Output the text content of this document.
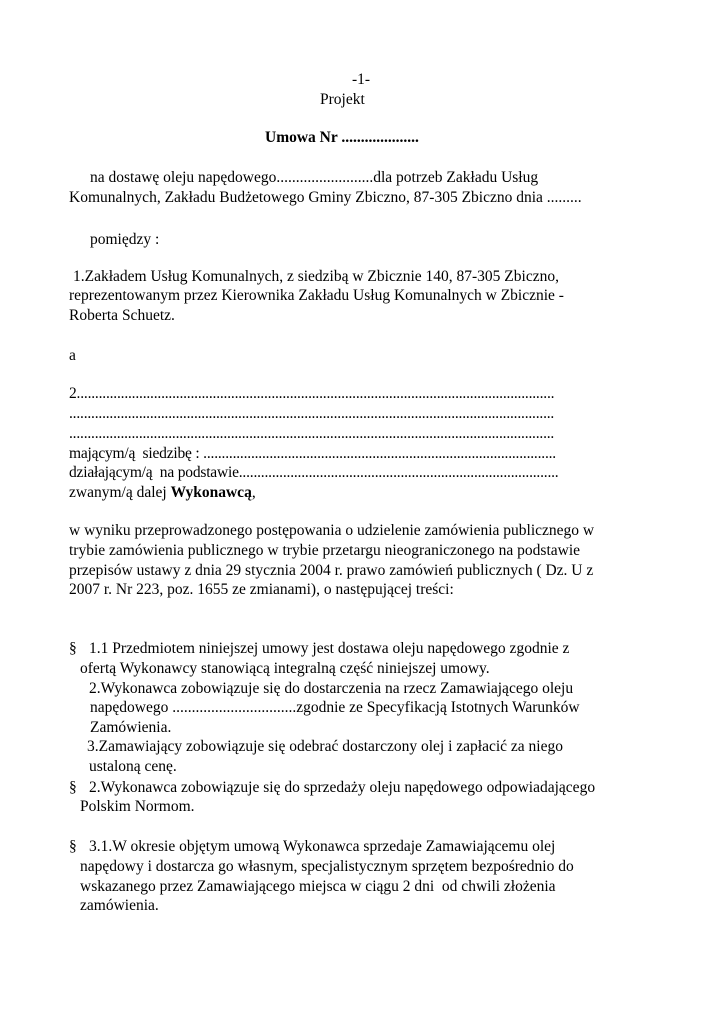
-1-
Projekt
Umowa Nr ....................
na dostawę oleju napędowego.........................dla potrzeb Zakładu Usług
Komunalnych, Zakładu Budżetowego Gminy Zbiczno, 87-305 Zbiczno dnia .........
pomiędzy :
1.Zakładem Usług Komunalnych, z siedzibą w Zbicznie 140, 87-305 Zbiczno,
reprezentowanym przez Kierownika Zakładu Usług Komunalnych w Zbicznie -
Roberta Schuetz.
a
2..................................................................................................................................
....................................................................................................................................
....................................................................................................................................
mającym/ą  siedzibę : ................................................................................................
działającym/ą  na podstawie.......................................................................................
zwanym/ą dalej Wykonawcą,
w wyniku przeprowadzonego postępowania o udzielenie zamówienia publicznego w
trybie zamówienia publicznego w trybie przetargu nieograniczonego na podstawie
przepisów ustawy z dnia 29 stycznia 2004 r. prawo zamówień publicznych ( Dz. U z
2007 r. Nr 223, poz. 1655 ze zmianami), o następującej treści:
§ 1.1 Przedmiotem niniejszej umowy jest dostawa oleju napędowego zgodnie z
ofertą Wykonawcy stanowiącą integralną część niniejszej umowy.
2.Wykonawca zobowiązuje się do dostarczenia na rzecz Zamawiającego oleju
napędowego ................................zgodnie ze Specyfikacją Istotnych Warunków
Zamówienia.
3.Zamawiający zobowiązuje się odebrać dostarczony olej i zapłacić za niego
ustaloną cenę.
§ 2.Wykonawca zobowiązuje się do sprzedaży oleju napędowego odpowiadającego
Polskim Normom.
§ 3.1.W okresie objętym umową Wykonawca sprzedaje Zamawiającemu olej
napędowy i dostarcza go własnym, specjalistycznym sprzętem bezpośrednio do
wskazanego przez Zamawiającego miejsca w ciągu 2 dni  od chwili złożenia
zamówienia.
